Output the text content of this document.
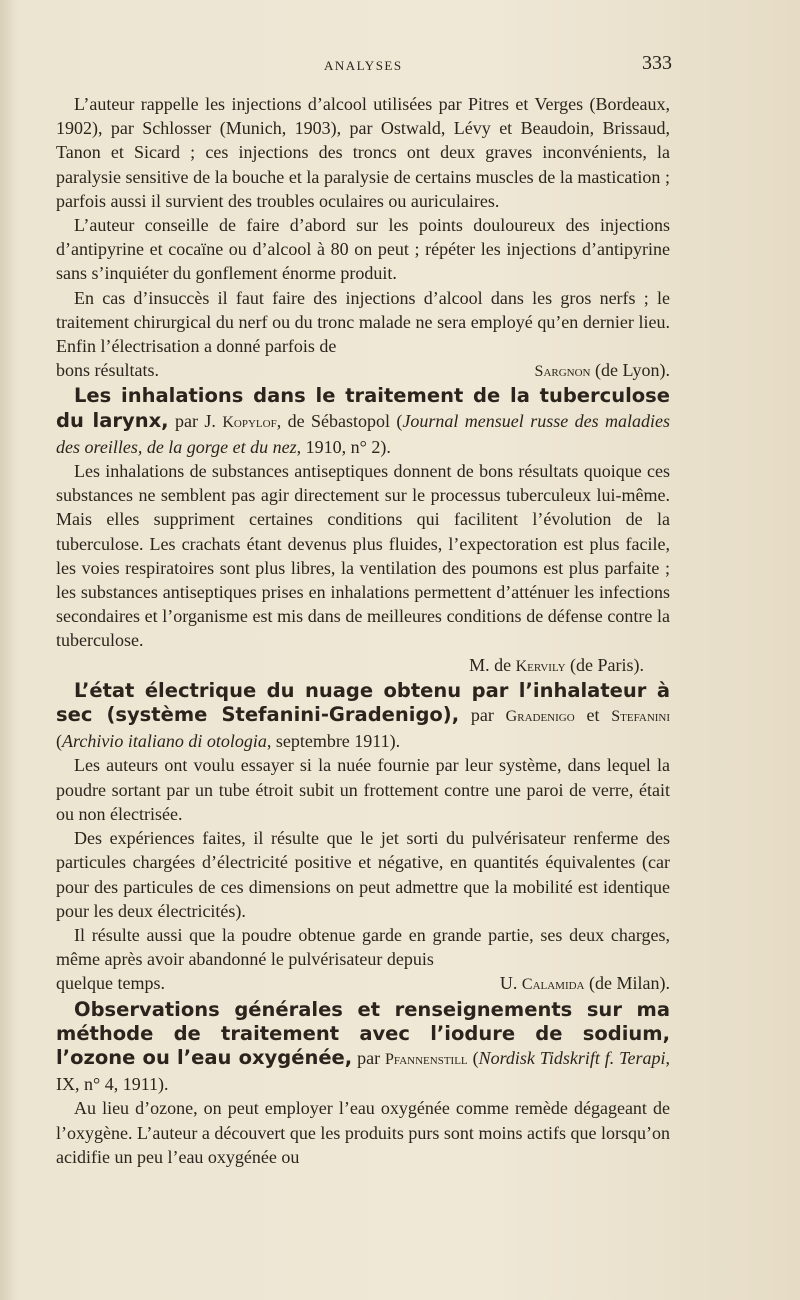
ANALYSES	333

L’auteur rappelle les injections d’alcool utilisées par Pitres et Verges (Bordeaux, 1902), par Schlosser (Munich, 1903), par Ostwald, Lévy et Beaudoin, Brissaud, Tanon et Sicard ; ces injections des troncs ont deux graves inconvénients, la paralysie sensitive de la bouche et la paralysie de certains muscles de la mastication ; parfois aussi il survient des troubles oculaires ou auriculaires.

L’auteur conseille de faire d’abord sur les points douloureux des injections d’antipyrine et cocaïne ou d’alcool à 80 on peut ; répéter les injections d’antipyrine sans s’inquiéter du gonflement énorme produit.

En cas d’insuccès il faut faire des injections d’alcool dans les gros nerfs ; le traitement chirurgical du nerf ou du tronc malade ne sera employé qu’en dernier lieu. Enfin l’électrisation a donné parfois de

bons résultats.	Sargnon (de Lyon).

Les inhalations dans le traitement de la tuberculose du larynx, par J. Kopylof, de Sébastopol (Journal mensuel russe des maladies des oreilles, de la gorge et du nez, 1910, n° 2).

Les inhalations de substances antiseptiques donnent de bons résultats quoique ces substances ne semblent pas agir directement sur le processus tuberculeux lui-même. Mais elles suppriment certaines conditions qui facilitent l’évolution de la tuberculose. Les crachats étant devenus plus fluides, l’expectoration est plus facile, les voies respiratoires sont plus libres, la ventilation des poumons est plus parfaite ; les substances antiseptiques prises en inhalations permettent d’atténuer les infections secondaires et l’organisme est mis dans de meilleures conditions de défense contre la tuberculose.

M. de Kervily (de Paris).

L’état électrique du nuage obtenu par l’inhalateur à sec (système Stefanini-Gradenigo), par Gradenigo et Stefanini (Archivio italiano di otologia, septembre 1911).

Les auteurs ont voulu essayer si la nuée fournie par leur système, dans lequel la poudre sortant par un tube étroit subit un frottement contre une paroi de verre, était ou non électrisée.

Des expériences faites, il résulte que le jet sorti du pulvérisateur renferme des particules chargées d’électricité positive et négative, en quantités équivalentes (car pour des particules de ces dimensions on peut admettre que la mobilité est identique pour les deux électricités).

Il résulte aussi que la poudre obtenue garde en grande partie, ses deux charges, même après avoir abandonné le pulvérisateur depuis

quelque temps.	U. Calamida (de Milan).

Observations générales et renseignements sur ma méthode de traitement avec l’iodure de sodium, l’ozone ou l’eau oxygénée, par Pfannenstill (Nordisk Tidskrift f. Terapi, IX, n° 4, 1911).

Au lieu d’ozone, on peut employer l’eau oxygénée comme remède dégageant de l’oxygène. L’auteur a découvert que les produits purs sont moins actifs que lorsqu’on acidifie un peu l’eau oxygénée ou
